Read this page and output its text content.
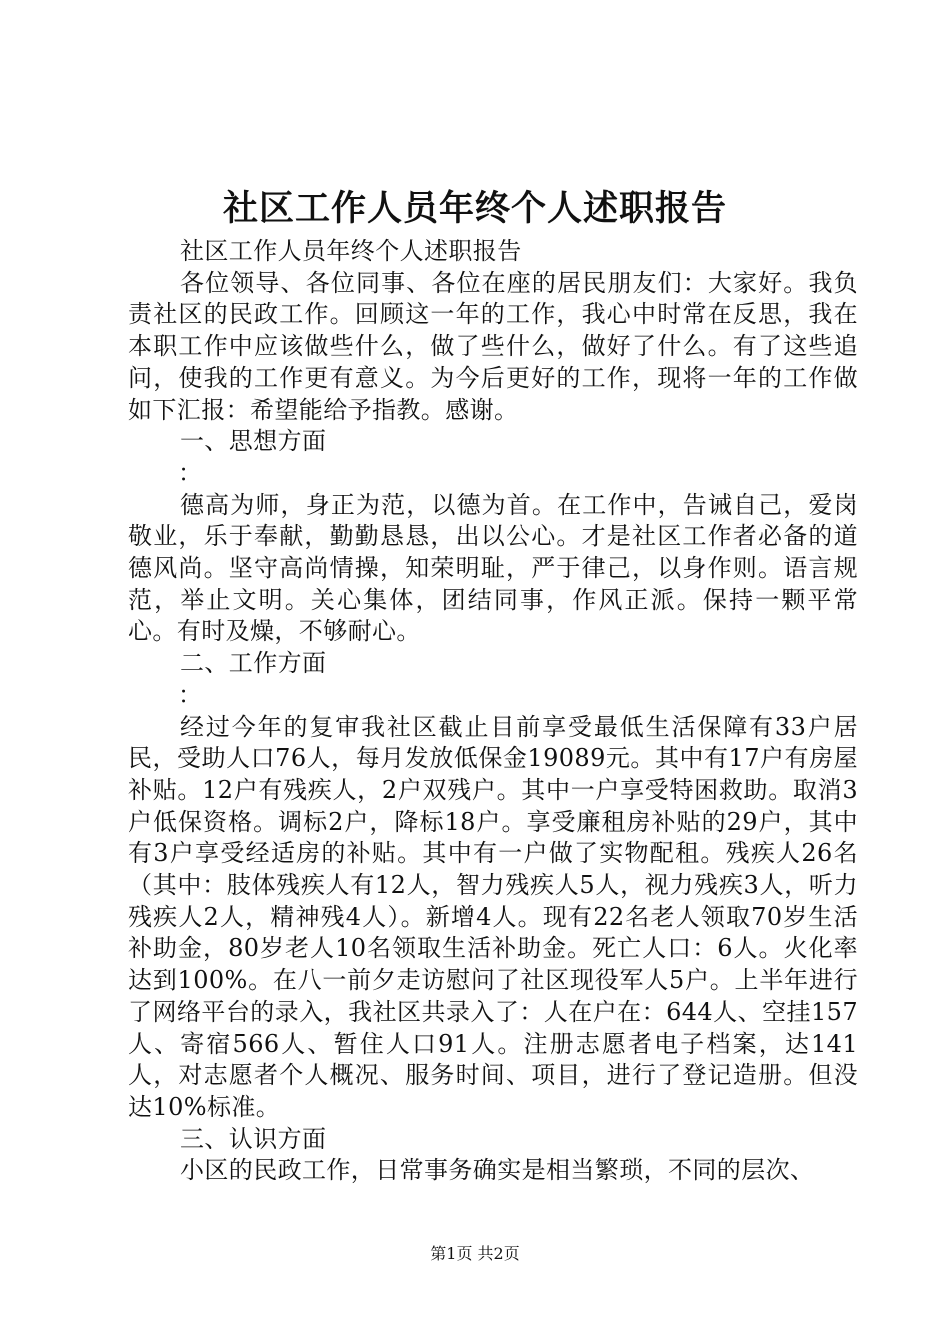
社区工作人员年终个人述职报告

社区工作人员年终个人述职报告

各位领导、各位同事、各位在座的居民朋友们：大家好。我负责社区的民政工作。回顾这一年的工作，我心中时常在反思，我在本职工作中应该做些什么，做了些什么，做好了什么。有了这些追问，使我的工作更有意义。为今后更好的工作，现将一年的工作做如下汇报：希望能给予指教。感谢。

一、思想方面

：

德高为师，身正为范，以德为首。在工作中，告诫自己，爱岗敬业，乐于奉献，勤勤恳恳，出以公心。才是社区工作者必备的道德风尚。坚守高尚情操，知荣明耻，严于律己，以身作则。语言规范，举止文明。关心集体，团结同事，作风正派。保持一颗平常心。有时及燥，不够耐心。

二、工作方面

：

经过今年的复审我社区截止目前享受最低生活保障有33户居民，受助人口76人，每月发放低保金19089元。其中有17户有房屋补贴。12户有残疾人，2户双残户。其中一户享受特困救助。取消3户低保资格。调标2户，降标18户。享受廉租房补贴的29户，其中有3户享受经适房的补贴。其中有一户做了实物配租。残疾人26名（其中：肢体残疾人有12人，智力残疾人5人，视力残疾3人，听力残疾人2人，精神残4人）。新增4人。现有22名老人领取70岁生活补助金，80岁老人10名领取生活补助金。死亡人口：6人。火化率达到100%。在八一前夕走访慰问了社区现役军人5户。上半年进行了网络平台的录入，我社区共录入了：人在户在：644人、空挂157人、寄宿566人、暂住人口91人。注册志愿者电子档案，达141人，对志愿者个人概况、服务时间、项目，进行了登记造册。但没达10%标准。

三、认识方面

小区的民政工作，日常事务确实是相当繁琐，不同的层次、

第1页 共2页
